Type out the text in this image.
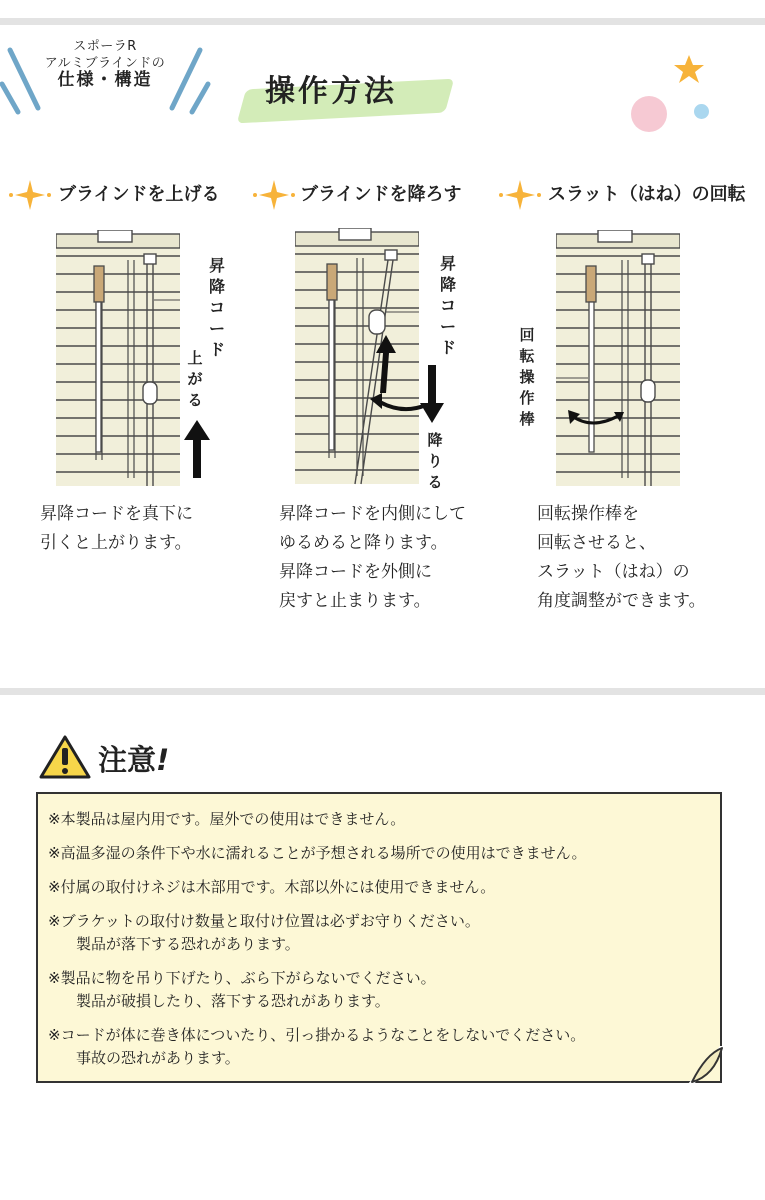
スポーラR
アルミブラインドの
仕様・構造	操作方法
ブラインドを上げる	ブラインドを降ろす	スラット（はね）の回転
昇
降
コ
ー
ド
上
が
る
昇
降
コ
ー
ド
降
り
る
回
転
操
作
棒
昇降コードを真下に
引くと上がります。
昇降コードを内側にして
ゆるめると降ります。
昇降コードを外側に
戻すと止まります。
回転操作棒を
回転させると、
スラット（はね）の
角度調整ができます。
注意!
※本製品は屋内用です。屋外での使用はできません。
※高温多湿の条件下や水に濡れることが予想される場所での使用はできません。
※付属の取付けネジは木部用です。木部以外には使用できません。
※ブラケットの取付け数量と取付け位置は必ずお守りください。
製品が落下する恐れがあります。
※製品に物を吊り下げたり、ぶら下がらないでください。
製品が破損したり、落下する恐れがあります。
※コードが体に巻き体についたり、引っ掛かるようなことをしないでください。
事故の恐れがあります。
